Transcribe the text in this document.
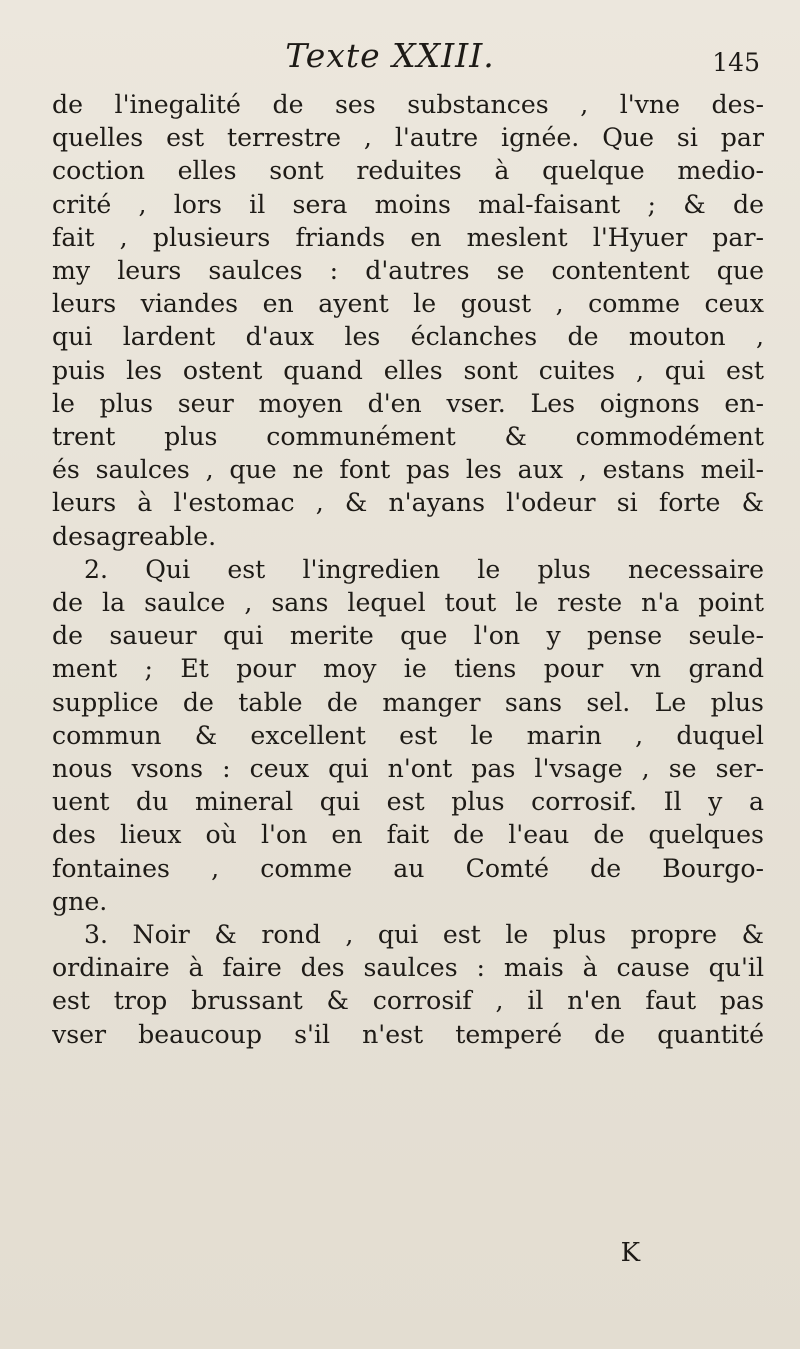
Texte XXIII.	145
de l'inegalité de ses substances , l'vne des-
quelles est terrestre , l'autre ignée. Que si par
coction elles sont reduites à quelque medio-
crité , lors il sera moins mal-faisant ; & de
fait , plusieurs friands en meslent l'Hyuer par-
my leurs saulces : d'autres se contentent que
leurs viandes en ayent le goust , comme ceux
qui lardent d'aux les éclanches de mouton ,
puis les ostent quand elles sont cuites , qui est
le plus seur moyen d'en vser. Les oignons en-
trent plus communément & commodément
és saulces , que ne font pas les aux , estans meil-
leurs à l'estomac , & n'ayans l'odeur si forte &
desagreable.
2. Qui est l'ingredien le plus necessaire
de la saulce , sans lequel tout le reste n'a point
de saueur qui merite que l'on y pense seule-
ment ; Et pour moy ie tiens pour vn grand
supplice de table de manger sans sel. Le plus
commun & excellent est le marin , duquel
nous vsons : ceux qui n'ont pas l'vsage , se ser-
uent du mineral qui est plus corrosif. Il y a
des lieux où l'on en fait de l'eau de quelques
fontaines , comme au Comté de Bourgo-
gne.
3. Noir & rond , qui est le plus propre &
ordinaire à faire des saulces : mais à cause qu'il
est trop brussant & corrosif , il n'en faut pas
vser beaucoup s'il n'est temperé de quantité
K
